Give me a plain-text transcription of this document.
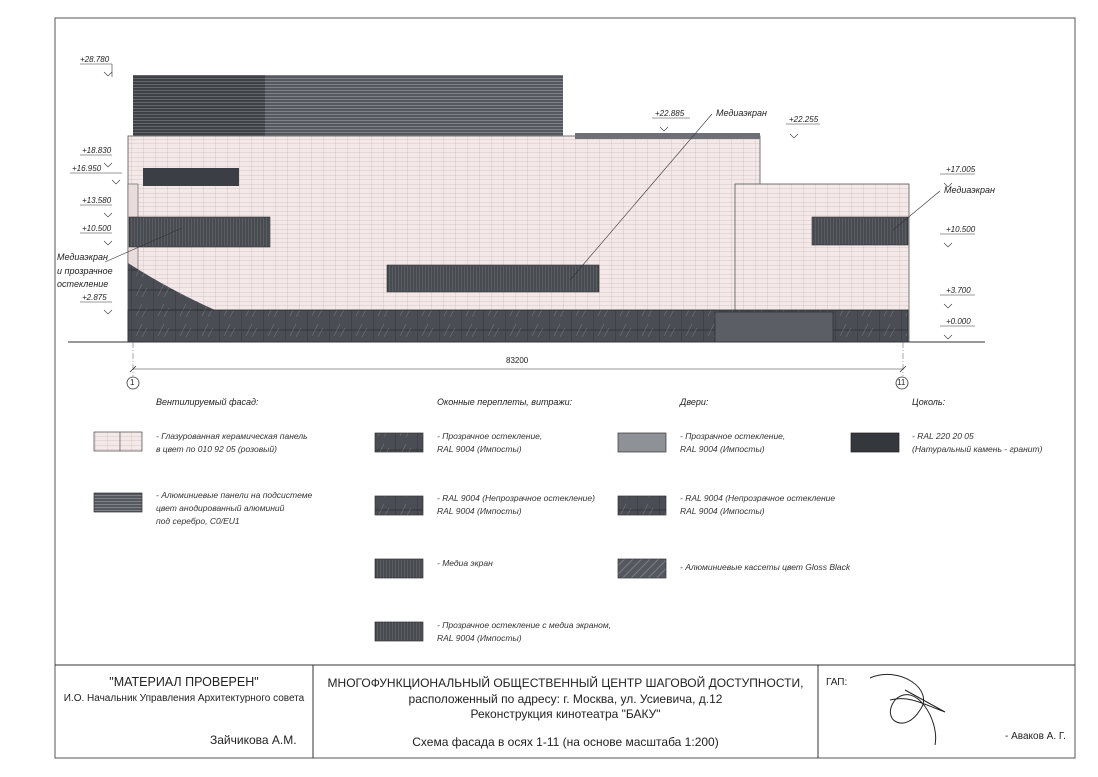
+28.780
+22.885
+22.255
+18.830
+16.950
+13.580
+10.500
+2.875
+17.005
+10.500
+3.700
+0.000
Медиаэкран
Медиаэкран
Медиаэкран
и прозрачное
остекление
83200
1	11
Вентилируемый фасад:	Оконные переплеты, витражи:	Двери:	Цоколь:
- Глазурованная керамическая панель
в цвет по 010 92 05 (розовый)
- Алюминиевые панели на подсистеме
цвет анодированный алюминий
под серебро, C0/EU1
- Прозрачное остекление,
RAL 9004 (Импосты)
- RAL 9004 (Непрозрачное остекление)
RAL 9004 (Импосты)
- Медиа экран
- Прозрачное остекление с медиа экраном,
RAL 9004 (Импосты)
- Прозрачное остекление,
RAL 9004 (Импосты)
- RAL 9004 (Непрозрачное остекление
RAL 9004 (Импосты)
- Алюминиевые кассеты цвет Gloss Black
- RAL 220 20 05
(Натуральный камень - гранит)
"МАТЕРИАЛ ПРОВЕРЕН"
И.О. Начальник Управления Архитектурного совета
Зайчикова А.М.
МНОГОФУНКЦИОНАЛЬНЫЙ ОБЩЕСТВЕННЫЙ ЦЕНТР ШАГОВОЙ ДОСТУПНОСТИ,
расположенный по адресу: г. Москва, ул. Усиевича, д.12
Реконструкция кинотеатра "БАКУ"
Схема фасада в осях 1-11 (на основе масштаба 1:200)
ГАП:
- Аваков А. Г.
